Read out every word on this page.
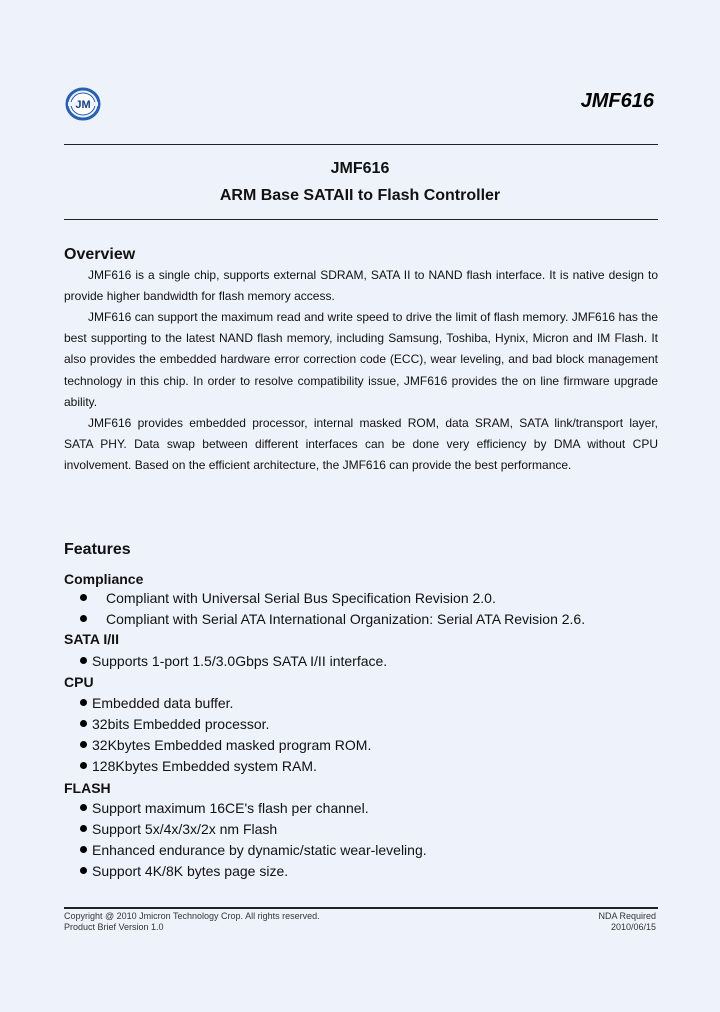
JM	JMF616
JMF616
ARM Base SATAII to Flash Controller
Overview

JMF616 is a single chip, supports external SDRAM, SATA II to NAND flash interface. It is native design to provide higher bandwidth for flash memory access.

JMF616 can support the maximum read and write speed to drive the limit of flash memory. JMF616 has the best supporting to the latest NAND flash memory, including Samsung, Toshiba, Hynix, Micron and IM Flash. It also provides the embedded hardware error correction code (ECC), wear leveling, and bad block management technology in this chip. In order to resolve compatibility issue, JMF616 provides the on line firmware upgrade ability.

JMF616 provides embedded processor, internal masked ROM, data SRAM, SATA link/transport layer, SATA PHY. Data swap between different interfaces can be done very efficiency by DMA without CPU involvement. Based on the efficient architecture, the JMF616 can provide the best performance.

Features
Compliance
Compliant with Universal Serial Bus Specification Revision 2.0.
Compliant with Serial ATA International Organization: Serial ATA Revision 2.6.
SATA I/II
Supports 1-port 1.5/3.0Gbps SATA I/II interface.
CPU
Embedded data buffer.
32bits Embedded processor.
32Kbytes Embedded masked program ROM.
128Kbytes Embedded system RAM.
FLASH
Support maximum 16CE's flash per channel.
Support 5x/4x/3x/2x nm Flash
Enhanced endurance by dynamic/static wear-leveling.
Support 4K/8K bytes page size.
Copyright @ 2010 Jmicron Technology Crop. All rights reserved.
Product Brief Version 1.0
NDA Required
2010/06/15
